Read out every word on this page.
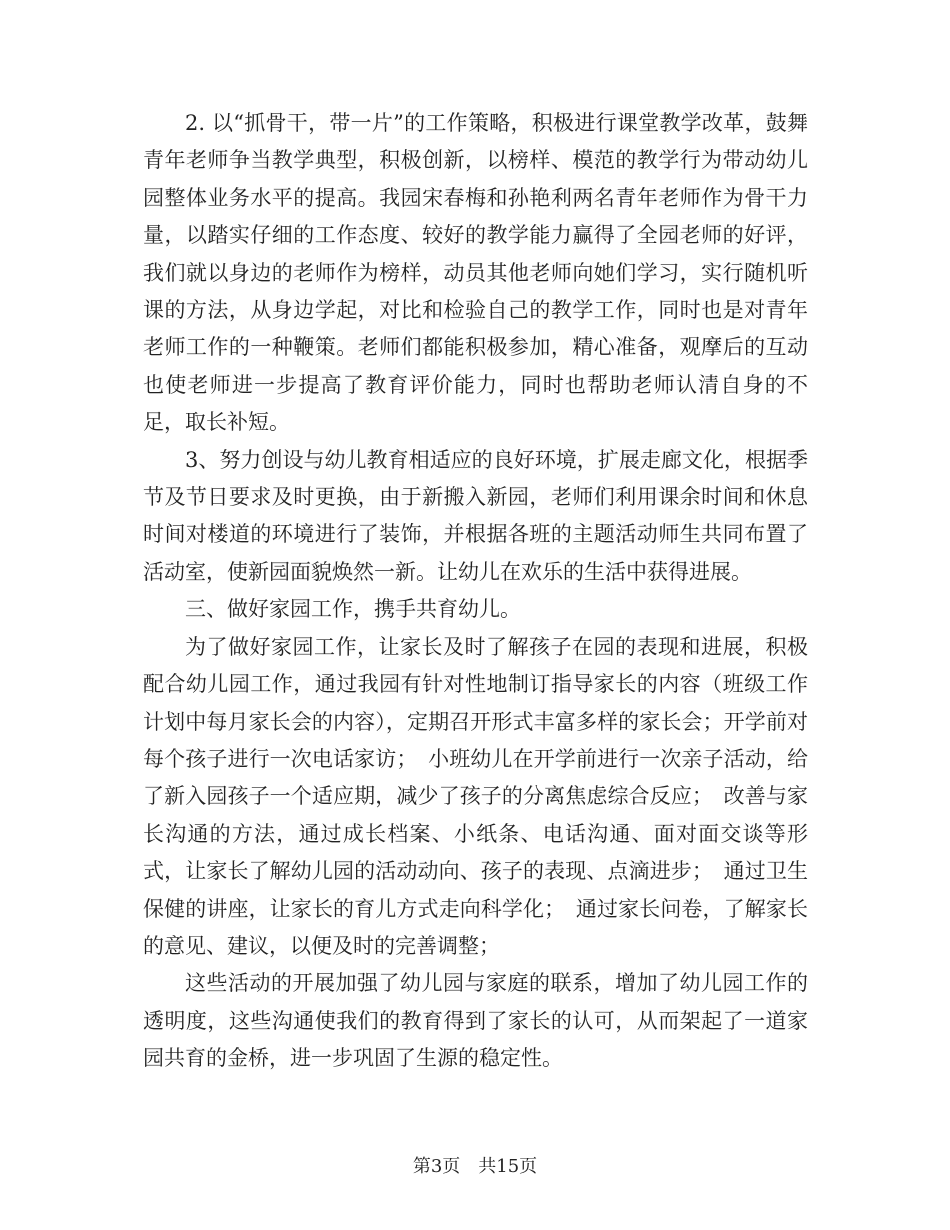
2. 以“抓骨干，带一片”的工作策略，积极进行课堂教学改革，鼓舞青年老师争当教学典型，积极创新，以榜样、模范的教学行为带动幼儿园整体业务水平的提高。我园宋春梅和孙艳利两名青年老师作为骨干力量，以踏实仔细的工作态度、较好的教学能力赢得了全园老师的好评，我们就以身边的老师作为榜样，动员其他老师向她们学习，实行随机听课的方法，从身边学起，对比和检验自己的教学工作，同时也是对青年老师工作的一种鞭策。老师们都能积极参加，精心准备，观摩后的互动也使老师进一步提高了教育评价能力，同时也帮助老师认清自身的不足，取长补短。

3、努力创设与幼儿教育相适应的良好环境，扩展走廊文化，根据季节及节日要求及时更换，由于新搬入新园，老师们利用课余时间和休息时间对楼道的环境进行了装饰，并根据各班的主题活动师生共同布置了活动室，使新园面貌焕然一新。让幼儿在欢乐的生活中获得进展。

三、做好家园工作，携手共育幼儿。

为了做好家园工作，让家长及时了解孩子在园的表现和进展，积极配合幼儿园工作，通过我园有针对性地制订指导家长的内容（班级工作计划中每月家长会的内容），定期召开形式丰富多样的家长会；开学前对每个孩子进行一次电话家访；　小班幼儿在开学前进行一次亲子活动，给了新入园孩子一个适应期，减少了孩子的分离焦虑综合反应；　改善与家长沟通的方法，通过成长档案、小纸条、电话沟通、面对面交谈等形式，让家长了解幼儿园的活动动向、孩子的表现、点滴进步；　通过卫生保健的讲座，让家长的育儿方式走向科学化；　通过家长问卷，了解家长的意见、建议，以便及时的完善调整；

这些活动的开展加强了幼儿园与家庭的联系，增加了幼儿园工作的透明度，这些沟通使我们的教育得到了家长的认可，从而架起了一道家园共育的金桥，进一步巩固了生源的稳定性。

第3页　共15页
